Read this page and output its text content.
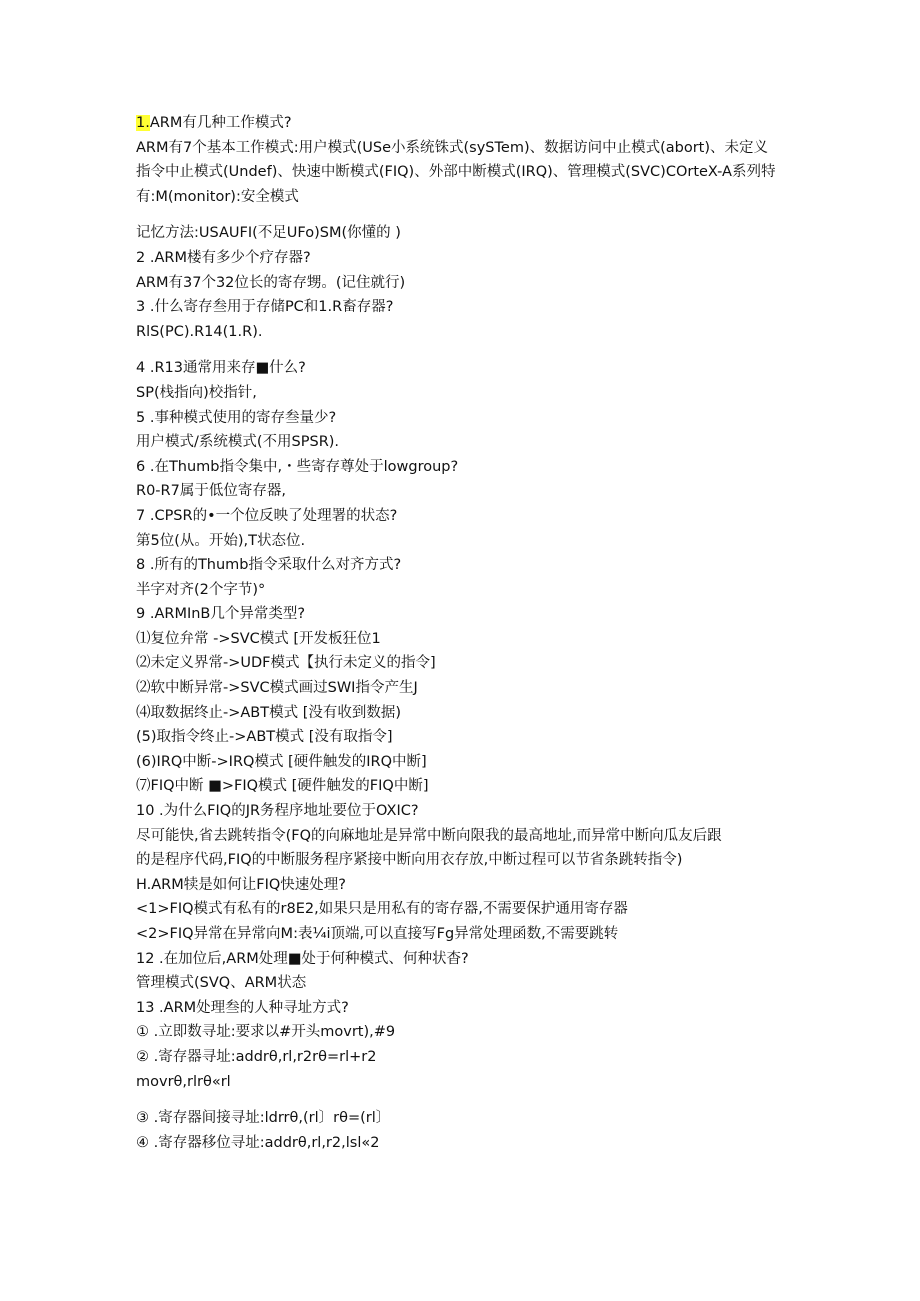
1.ARM有几种工作模式?
ARM有7个基本工作模式:用户模式(USe小系统铢式(sySTem)、数据访问中止模式(abort)、未定义
指令中止模式(Undef)、快速中断模式(FIQ)、外部中断模式(IRQ)、管理模式(SVC)COrteX-A系列特
有:M(monitor):安全模式
记忆方法:USAUFI(不足UFo)SM(你懂的 )
2 .ARM楼有多少个疗存器?
ARM有37个32位长的寄存甥。(记住就行)
3 .什么寄存叁用于存储PC和1.R畜存器?
RlS(PC).R14(1.R).
4 .R13通常用来存■什么?
SP(栈指向)校指针,
5 .事种模式使用的寄存叁量少?
用户模式/系统模式(不用SPSR).
6 .在Thumb指令集中,・些寄存尊处于lowgroup?
R0-R7属于低位寄存器,
7 .CPSR的•一个位反映了处理署的状态?
第5位(从。开始),T状态位.
8 .所有的Thumb指令采取什么对齐方式?
半字对齐(2个字节)°
9 .ARMInB几个异常类型?
⑴复位弁常 ->SVC模式 [开发板狂位1
⑵未定义界常->UDF模式【执行未定义的指令]
⑵软中断异常->SVC模式画过SWI指令产生J
⑷取数据终止->ABT模式 [没有收到数据)
(5)取指令终止->ABT模式 [没有取指令]
(6)IRQ中断->IRQ模式 [硬件触发的IRQ中断]
⑺FIQ中断 ■>FIQ模式 [硬件触发的FIQ中断]
10 .为什么FIQ的JR务程序地址要位于OXIC?
尽可能快,省去跳转指令(FQ的向麻地址是异常中断向限我的最高地址,而异常中断向瓜友后跟
的是程序代码,FIQ的中断服务程序紧接中断向用衣存放,中断过程可以节省条跳转指令)
H.ARM犊是如何让FIQ快速处理?
<1>FIQ模式有私有的r8E2,如果只是用私有的寄存器,不需要保护通用寄存器
<2>FIQ异常在异常向M:表¼i顶端,可以直接写Fg异常处理函数,不需要跳转
12 .在加位后,ARM处理■处于何种模式、何种状杳?
管理模式(SVQ、ARM状态
13 .ARM处理叁的人种寻址方式?
① .立即数寻址:要求以#开头movrt),#9
② .寄存器寻址:addrθ,rl,r2rθ=rl+r2
movrθ,rlrθ«rl
③ .寄存器间接寻址:ldrrθ,(rl〕rθ=(rl〕
④ .寄存器移位寻址:addrθ,rl,r2,lsl«2
